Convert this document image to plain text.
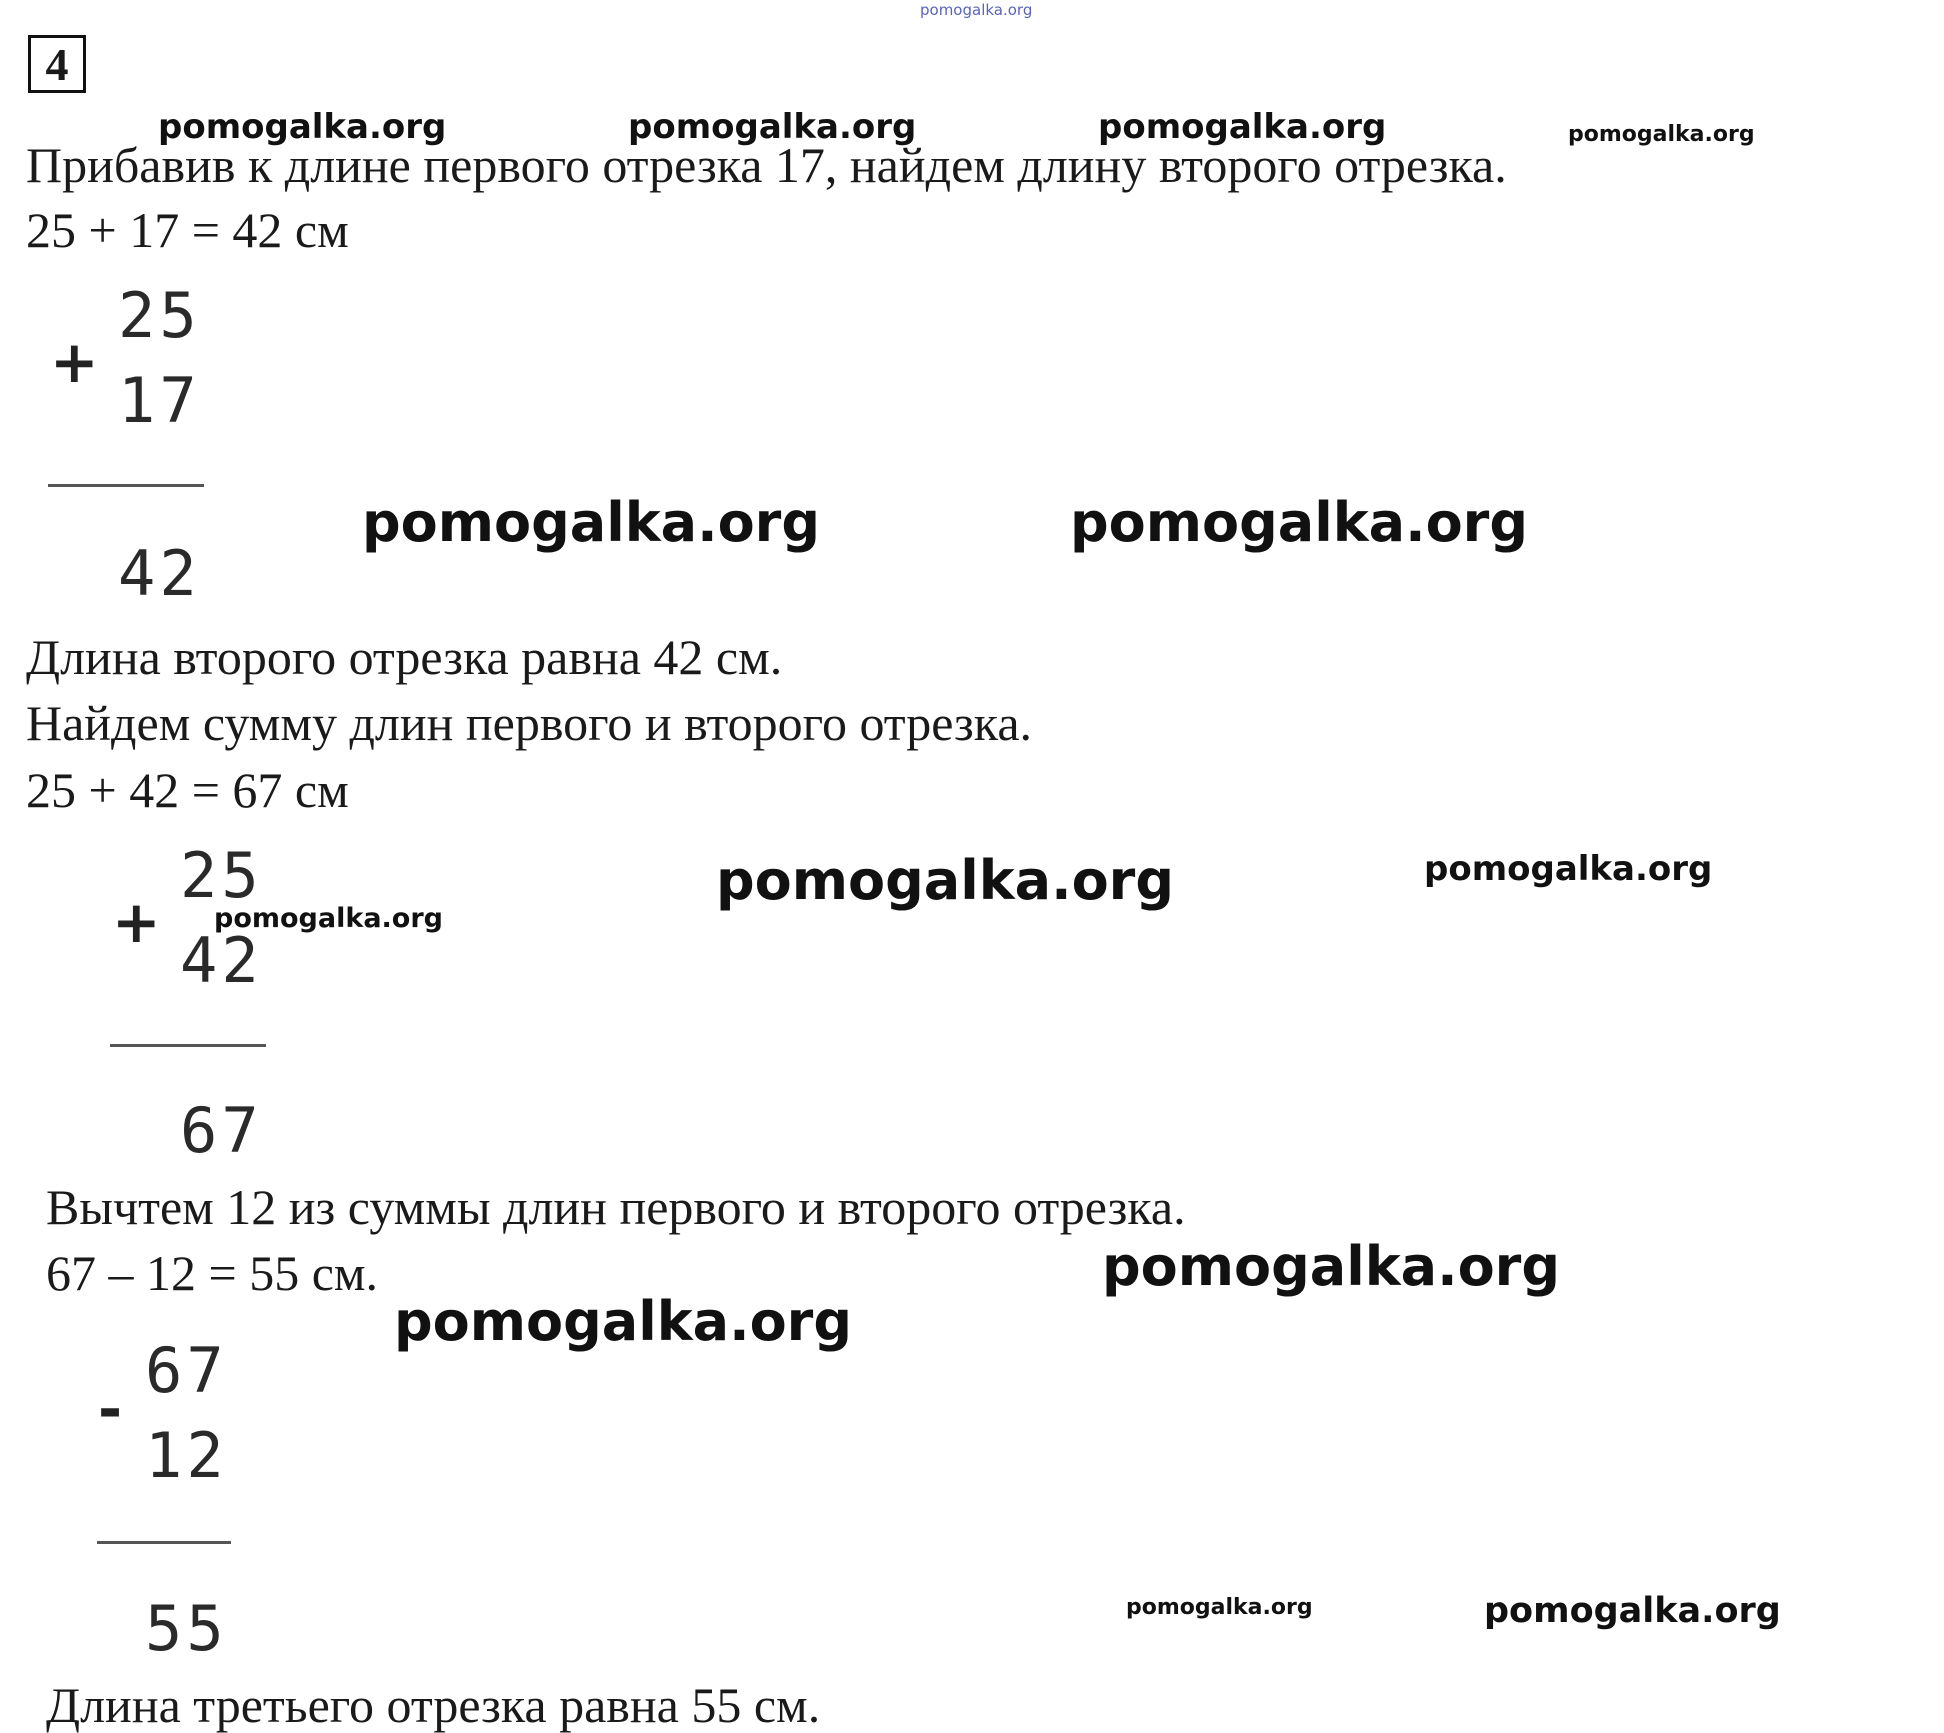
pomogalka.org
4
Прибавив к длине первого отрезка 17, найдем длину второго отрезка.
25 + 17 = 42 см
+
25
17
42
Длина второго отрезка равна 42 см.
Найдем сумму длин первого и второго отрезка.
25 + 42 = 67 см
+
25
42
67
Вычтем 12 из суммы длин первого и второго отрезка.
67 – 12 = 55 см.
-
67
12
55
Длина третьего отрезка равна 55 см.
pomogalka.org	pomogalka.org	pomogalka.org	pomogalka.org
pomogalka.org	pomogalka.org
pomogalka.org	pomogalka.org
pomogalka.org
pomogalka.org
pomogalka.org
pomogalka.org	pomogalka.org
